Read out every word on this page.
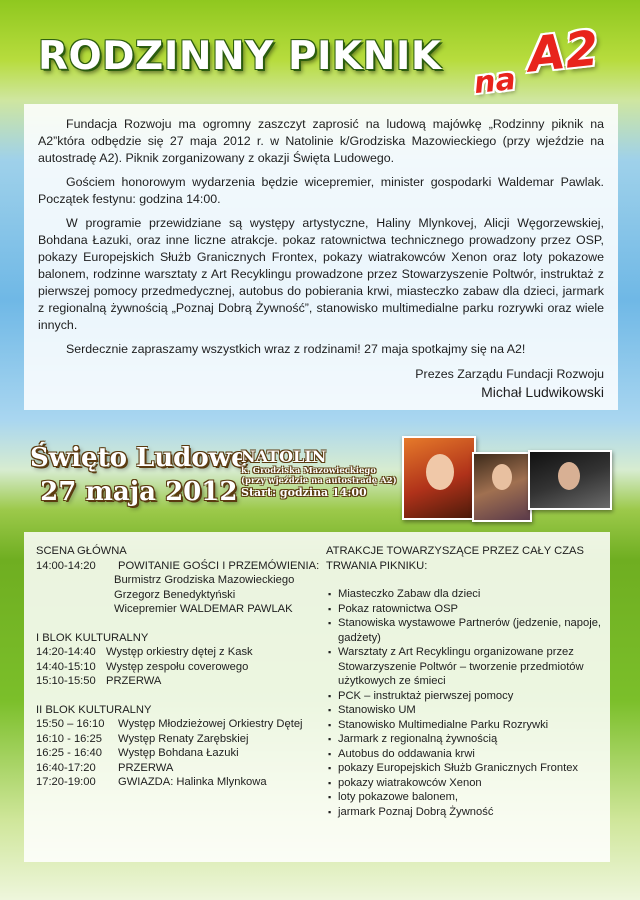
RODZINNY PIKNIK
na A2

Fundacja Rozwoju ma ogromny zaszczyt zaprosić na ludową majówkę „Rodzinny piknik na A2”która odbędzie się 27 maja 2012 r. w Natolinie k/Grodziska Mazowieckiego (przy wjeździe na autostradę A2). Piknik zorganizowany z okazji Święta Ludowego.

Gościem honorowym wydarzenia będzie wicepremier, minister gospodarki Waldemar Pawlak. Początek festynu: godzina 14:00.

W programie przewidziane są występy artystyczne, Haliny Mlynkovej, Alicji Węgorzewskiej, Bohdana Łazuki, oraz inne liczne atrakcje. pokaz ratownictwa technicznego prowadzony przez OSP, pokazy Europejskich Służb Granicznych Frontex, pokazy wiatrakowców Xenon oraz loty pokazowe balonem, rodzinne warsztaty z Art Recyklingu prowadzone przez Stowarzyszenie Poltwór, instruktaż z pierwszej pomocy przedmedycznej, autobus do pobierania krwi, miasteczko zabaw dla dzieci, jarmark z regionalną żywnością „Poznaj Dobrą Żywność”, stanowisko multimedialne parku rozrywki oraz wiele innych.

Serdecznie zapraszamy wszystkich wraz z rodzinami! 27 maja spotkajmy się na A2!

Prezes Zarządu Fundacji Rozwoju
Michał Ludwikowski
Święto Ludowe
27 maja 2012
NATOLIN
k. Grodziska Mazowieckiego
(przy wjeździe na autostradę A2)
Start: godzina 14:00
SCENA GŁÓWNA
14:00-14:20	POWITANIE GOŚCI I PRZEMÓWIENIA:
Burmistrz Grodziska Mazowieckiego
Grzegorz Benedyktyński
Wicepremier WALDEMAR PAWLAK
I BLOK KULTURALNY
14:20-14:40 Występ orkiestry dętej z Kask
14:40-15:10 Występ zespołu coverowego
15:10-15:50 PRZERWA
II BLOK KULTURALNY
15:50 – 16:10	Występ Młodzieżowej Orkiestry Dętej
16:10 - 16:25	Występ Renaty Zarębskiej
16:25 - 16:40	Występ Bohdana Łazuki
16:40-17:20	PRZERWA
17:20-19:00	GWIAZDA: Halinka Mlynkowa
ATRAKCJE TOWARZYSZĄCE PRZEZ CAŁY CZAS TRWANIA PIKNIKU:
▪ Miasteczko Zabaw dla dzieci
▪ Pokaz ratownictwa OSP
▪ Stanowiska wystawowe Partnerów (jedzenie, napoje, gadżety)
▪ Warsztaty z Art Recyklingu organizowane przez Stowarzyszenie Poltwór – tworzenie przedmiotów użytkowych ze śmieci
▪ PCK – instruktaż pierwszej pomocy
▪ Stanowisko UM
▪ Stanowisko Multimedialne Parku Rozrywki
▪ Jarmark z regionalną żywnością
▪ Autobus do oddawania krwi
▪ pokazy Europejskich Służb Granicznych Frontex
▪ pokazy wiatrakowców Xenon
▪ loty pokazowe balonem,
▪ jarmark Poznaj Dobrą Żywność
